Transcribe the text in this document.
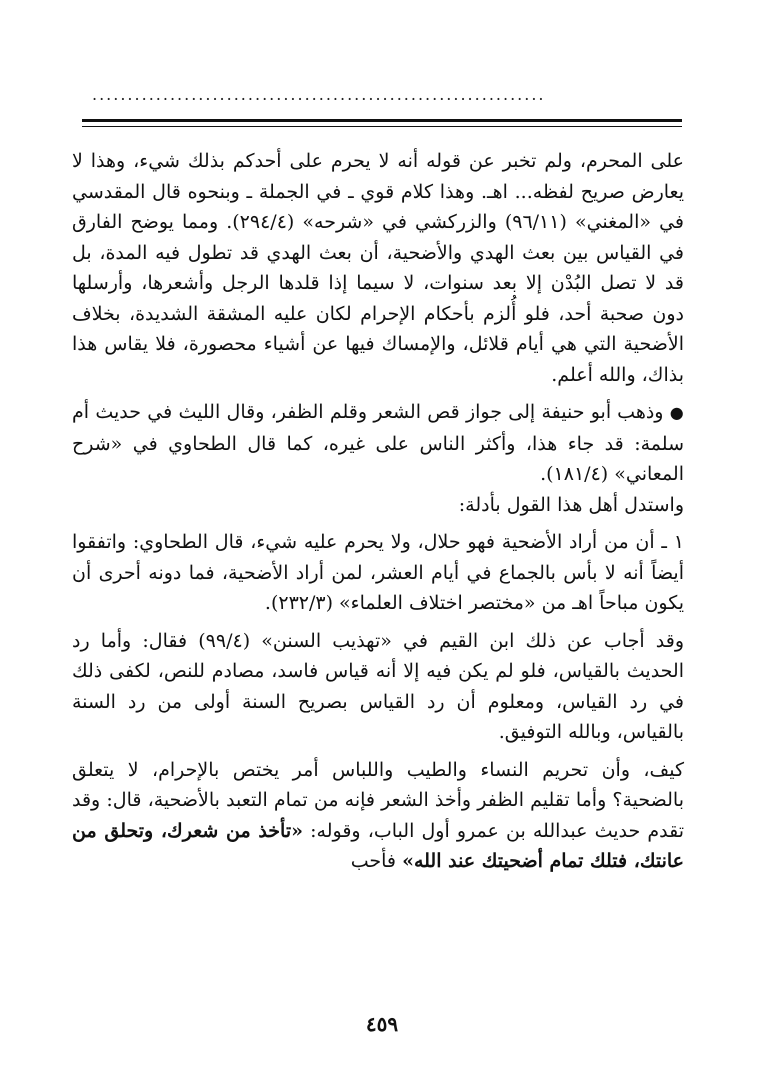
................................................................

على المحرم، ولم تخبر عن قوله أنه لا يحرم على أحدكم بذلك شيء، وهذا لا يعارض صريح لفظه... اهـ. وهذا كلام قوي ـ في الجملة ـ وبنحوه قال المقدسي في «المغني» (٩٦/١١) والزركشي في «شرحه» (٢٩٤/٤). ومما يوضح الفارق في القياس بين بعث الهدي والأضحية، أن بعث الهدي قد تطول فيه المدة، بل قد لا تصل البُدْن إلا بعد سنوات، لا سيما إذا قلدها الرجل وأشعرها، وأرسلها دون صحبة أحد، فلو أُلزم بأحكام الإحرام لكان عليه المشقة الشديدة، بخلاف الأضحية التي هي أيام قلائل، والإمساك فيها عن أشياء محصورة، فلا يقاس هذا بذاك، والله أعلم.

● وذهب أبو حنيفة إلى جواز قص الشعر وقلم الظفر، وقال الليث في حديث أم سلمة: قد جاء هذا، وأكثر الناس على غيره، كما قال الطحاوي في «شرح المعاني» (١٨١/٤).

واستدل أهل هذا القول بأدلة:

١ ـ أن من أراد الأضحية فهو حلال، ولا يحرم عليه شيء، قال الطحاوي: واتفقوا أيضاً أنه لا بأس بالجماع في أيام العشر، لمن أراد الأضحية، فما دونه أحرى أن يكون مباحاً اهـ من «مختصر اختلاف العلماء» (٢٣٢/٣).

وقد أجاب عن ذلك ابن القيم في «تهذيب السنن» (٩٩/٤) فقال: وأما رد الحديث بالقياس، فلو لم يكن فيه إلا أنه قياس فاسد، مصادم للنص، لكفى ذلك في رد القياس، ومعلوم أن رد القياس بصريح السنة أولى من رد السنة بالقياس، وبالله التوفيق.

كيف، وأن تحريم النساء والطيب واللباس أمر يختص بالإحرام، لا يتعلق بالضحية؟ وأما تقليم الظفر وأخذ الشعر فإنه من تمام التعبد بالأضحية، قال: وقد تقدم حديث عبدالله بن عمرو أول الباب، وقوله: «تأخذ من شعرك، وتحلق من عانتك، فتلك تمام أضحيتك عند الله» فأحب

٤٥٩
